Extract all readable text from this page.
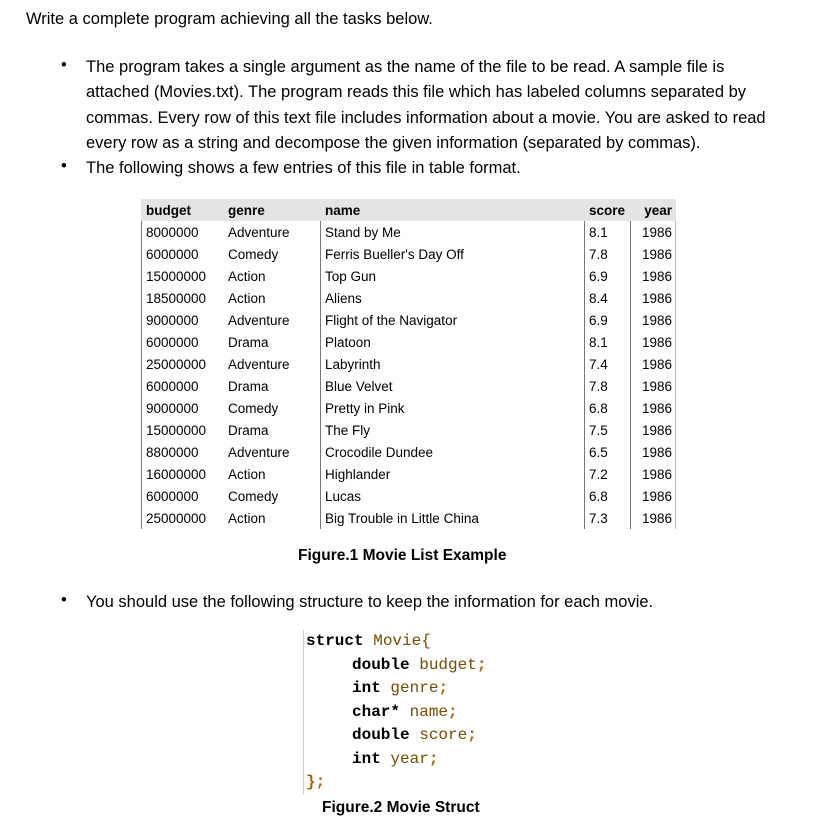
Write a complete program achieving all the tasks below.
• The program takes a single argument as the name of the file to be read. A sample file is
attached (Movies.txt). The program reads this file which has labeled columns separated by
commas. Every row of this text file includes information about a movie. You are asked to read
every row as a string and decompose the given information (separated by commas).
• The following shows a few entries of this file in table format.
budget	genre	name	score	year
8000000	Adventure	Stand by Me	8.1	1986
6000000	Comedy	Ferris Bueller's Day Off	7.8	1986
15000000	Action	Top Gun	6.9	1986
18500000	Action	Aliens	8.4	1986
9000000	Adventure	Flight of the Navigator	6.9	1986
6000000	Drama	Platoon	8.1	1986
25000000	Adventure	Labyrinth	7.4	1986
6000000	Drama	Blue Velvet	7.8	1986
9000000	Comedy	Pretty in Pink	6.8	1986
15000000	Drama	The Fly	7.5	1986
8800000	Adventure	Crocodile Dundee	6.5	1986
16000000	Action	Highlander	7.2	1986
6000000	Comedy	Lucas	6.8	1986
25000000	Action	Big Trouble in Little China	7.3	1986
Figure.1 Movie List Example
• You should use the following structure to keep the information for each movie.
struct Movie{
double budget;
int genre;
char* name;
double score;
int year;
};
Figure.2 Movie Struct
